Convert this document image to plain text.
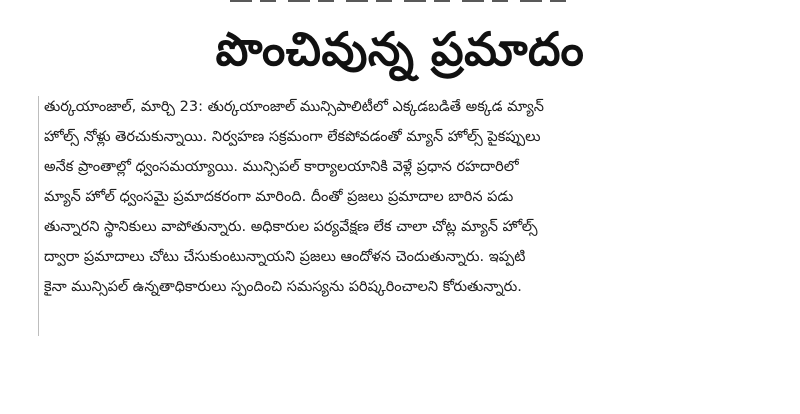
పొంచివున్న ప్రమాదం
తుర్కయాంజాల్, మార్చి 23: తుర్కయాంజాల్ మున్సిపాలిటీలో ఎక్కడబడితే అక్కడ మ్యాన్
హోల్స్ నోళ్లు తెరచుకున్నాయి. నిర్వహణ సక్రమంగా లేకపోవడంతో మ్యాన్ హోల్స్ పైకప్పులు
అనేక ప్రాంతాల్లో ధ్వంసమయ్యాయి. మున్సిపల్ కార్యాలయానికి వెళ్లే ప్రధాన రహదారిలో
మ్యాన్ హోల్ ధ్వంసమై ప్రమాదకరంగా మారింది. దీంతో ప్రజలు ప్రమాదాల బారిన పడు
తున్నారని స్థానికులు వాపోతున్నారు. అధికారుల పర్యవేక్షణ లేక చాలా చోట్ల మ్యాన్ హోల్స్
ద్వారా ప్రమాదాలు చోటు చేసుకుంటున్నాయని ప్రజలు ఆందోళన చెందుతున్నారు. ఇప్పటి
కైనా మున్సిపల్ ఉన్నతాధికారులు స్పందించి సమస్యను పరిష్కరించాలని కోరుతున్నారు.
